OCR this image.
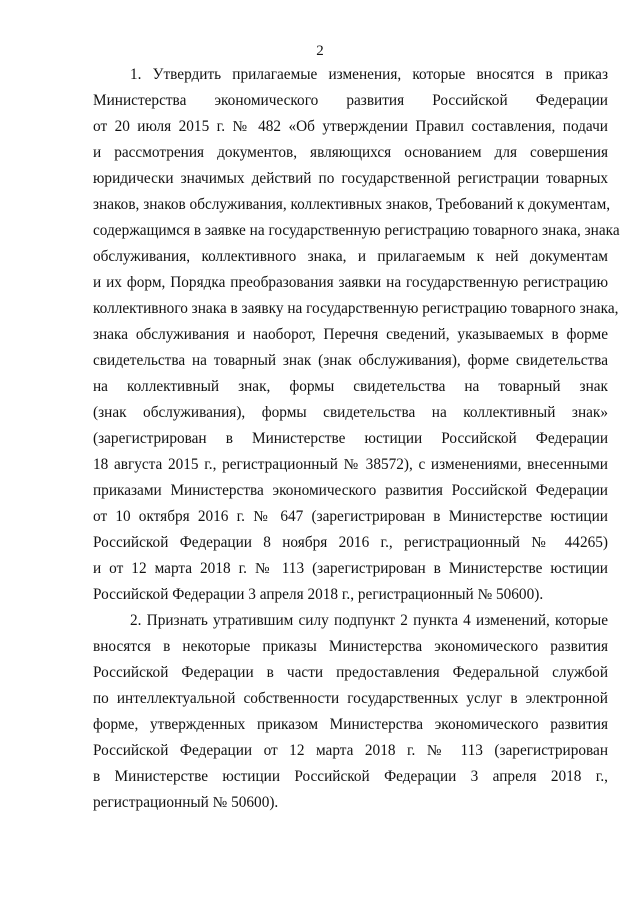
2
1. Утвердить прилагаемые изменения, которые вносятся в приказ
Министерства экономического развития Российской Федерации
от 20 июля 2015 г. № 482 «Об утверждении Правил составления, подачи
и рассмотрения документов, являющихся основанием для совершения
юридически значимых действий по государственной регистрации товарных
знаков, знаков обслуживания, коллективных знаков, Требований к документам,
содержащимся в заявке на государственную регистрацию товарного знака, знака
обслуживания, коллективного знака, и прилагаемым к ней документам
и их форм, Порядка преобразования заявки на государственную регистрацию
коллективного знака в заявку на государственную регистрацию товарного знака,
знака обслуживания и наоборот, Перечня сведений, указываемых в форме
свидетельства на товарный знак (знак обслуживания), форме свидетельства
на коллективный знак, формы свидетельства на товарный знак
(знак обслуживания), формы свидетельства на коллективный знак»
(зарегистрирован в Министерстве юстиции Российской Федерации
18 августа 2015 г., регистрационный № 38572), с изменениями, внесенными
приказами Министерства экономического развития Российской Федерации
от 10 октября 2016 г. № 647 (зарегистрирован в Министерстве юстиции
Российской Федерации 8 ноября 2016 г., регистрационный № 44265)
и от 12 марта 2018 г. № 113 (зарегистрирован в Министерстве юстиции
Российской Федерации 3 апреля 2018 г., регистрационный № 50600).
2. Признать утратившим силу подпункт 2 пункта 4 изменений, которые
вносятся в некоторые приказы Министерства экономического развития
Российской Федерации в части предоставления Федеральной службой
по интеллектуальной собственности государственных услуг в электронной
форме, утвержденных приказом Министерства экономического развития
Российской Федерации от 12 марта 2018 г. № 113 (зарегистрирован
в Министерстве юстиции Российской Федерации 3 апреля 2018 г.,
регистрационный № 50600).
